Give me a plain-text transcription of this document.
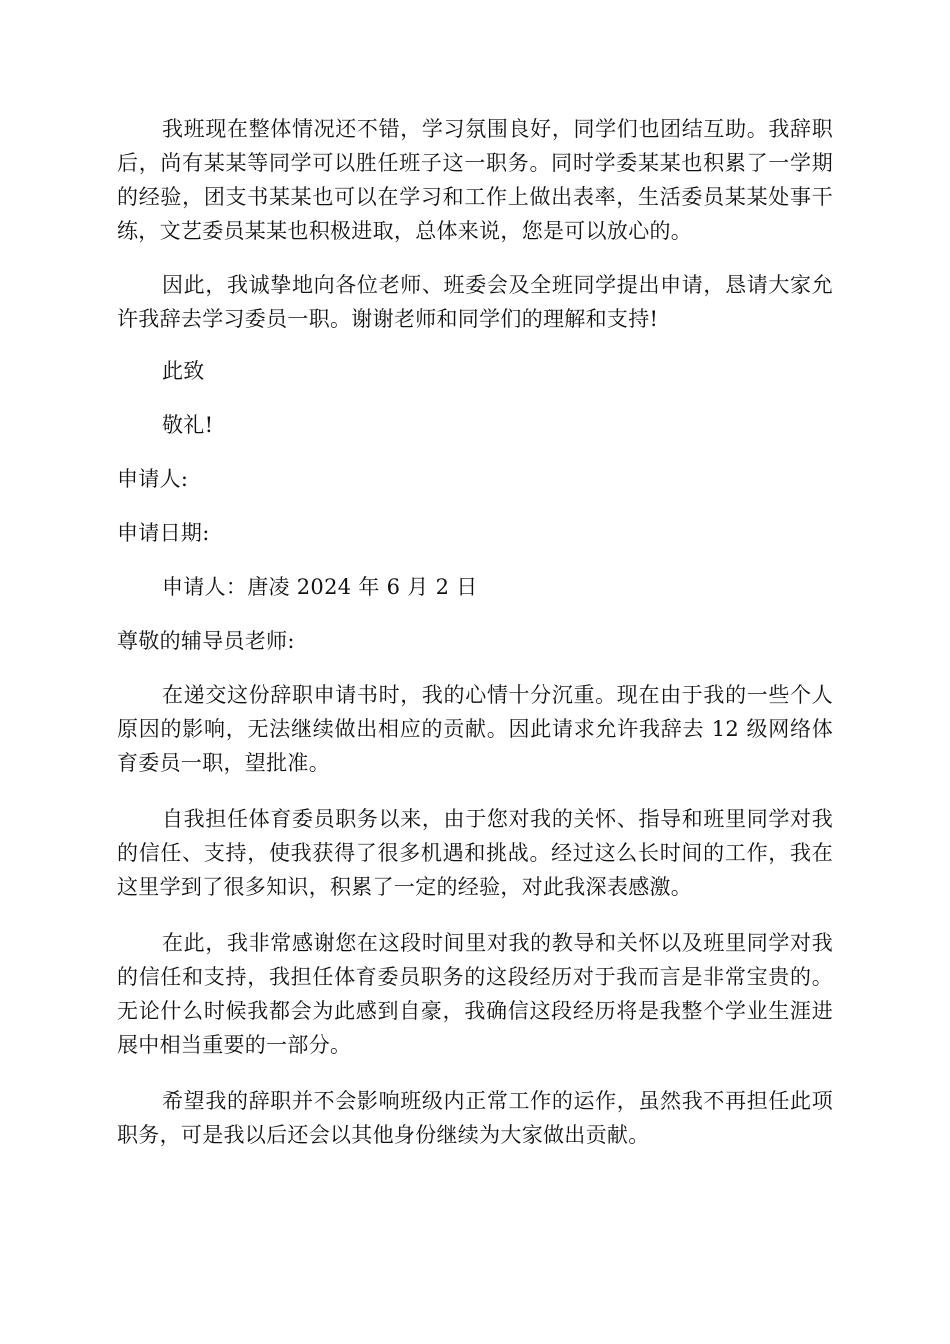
我班现在整体情况还不错，学习氛围良好，同学们也团结互助。我辞职后，尚有某某等同学可以胜任班子这一职务。同时学委某某也积累了一学期的经验，团支书某某也可以在学习和工作上做出表率，生活委员某某处事干练，文艺委员某某也积极进取，总体来说，您是可以放心的。

因此，我诚挚地向各位老师、班委会及全班同学提出申请，恳请大家允许我辞去学习委员一职。谢谢老师和同学们的理解和支持!

此致

敬礼!

申请人:

申请日期:

申请人：唐凌 2024 年 6 月 2 日

尊敬的辅导员老师:

在递交这份辞职申请书时，我的心情十分沉重。现在由于我的一些个人原因的影响，无法继续做出相应的贡献。因此请求允许我辞去 12 级网络体育委员一职，望批准。

自我担任体育委员职务以来，由于您对我的关怀、指导和班里同学对我的信任、支持，使我获得了很多机遇和挑战。经过这么长时间的工作，我在这里学到了很多知识，积累了一定的经验，对此我深表感激。

在此，我非常感谢您在这段时间里对我的教导和关怀以及班里同学对我的信任和支持，我担任体育委员职务的这段经历对于我而言是非常宝贵的。无论什么时候我都会为此感到自豪，我确信这段经历将是我整个学业生涯进展中相当重要的一部分。

希望我的辞职并不会影响班级内正常工作的运作，虽然我不再担任此项职务，可是我以后还会以其他身份继续为大家做出贡献。
